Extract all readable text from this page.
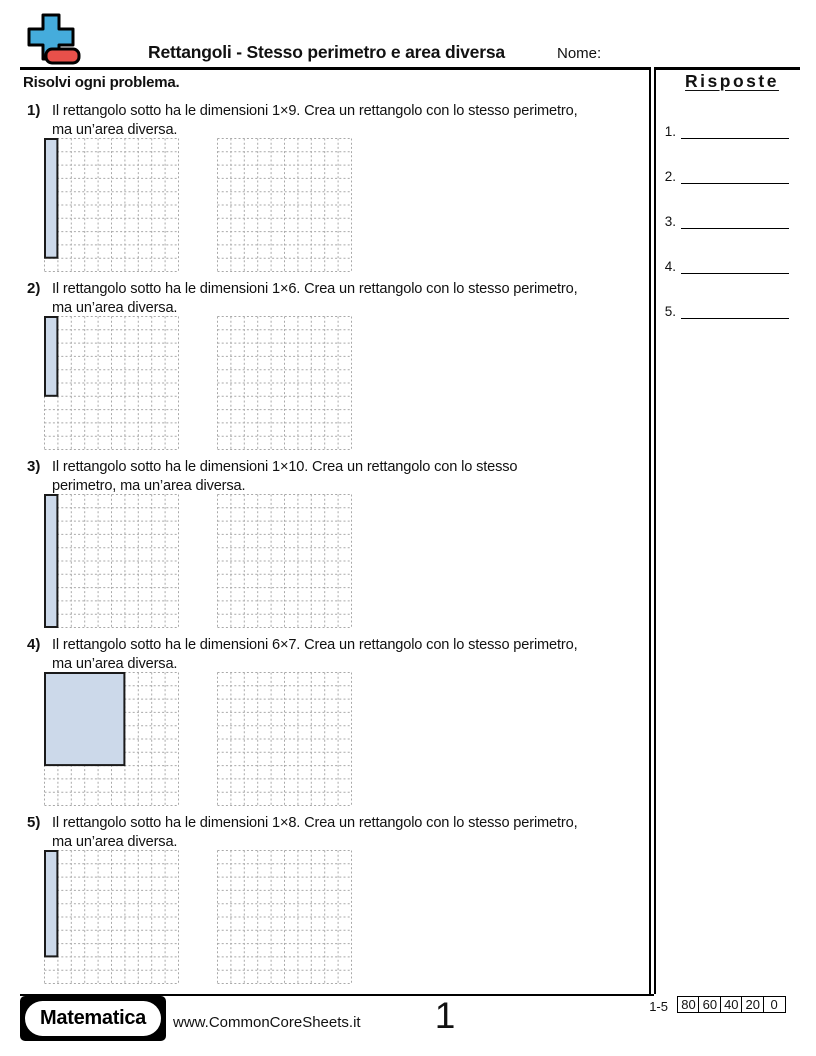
Rettangoli - Stesso perimetro e area diversa	Nome:
Risolvi ogni problema.	Risposte
1.
2.
3.
4.
5.
1) Il rettangolo sotto ha le dimensioni 1×9. Crea un rettangolo con lo stesso perimetro,
ma un’area diversa.
2) Il rettangolo sotto ha le dimensioni 1×6. Crea un rettangolo con lo stesso perimetro,
ma un’area diversa.
3) Il rettangolo sotto ha le dimensioni 1×10. Crea un rettangolo con lo stesso
perimetro, ma un’area diversa.
4) Il rettangolo sotto ha le dimensioni 6×7. Crea un rettangolo con lo stesso perimetro,
ma un’area diversa.
5) Il rettangolo sotto ha le dimensioni 1×8. Crea un rettangolo con lo stesso perimetro,
ma un’area diversa.
Matematica	www.CommonCoreSheets.it	1	1-5	80 60 40 20 0
